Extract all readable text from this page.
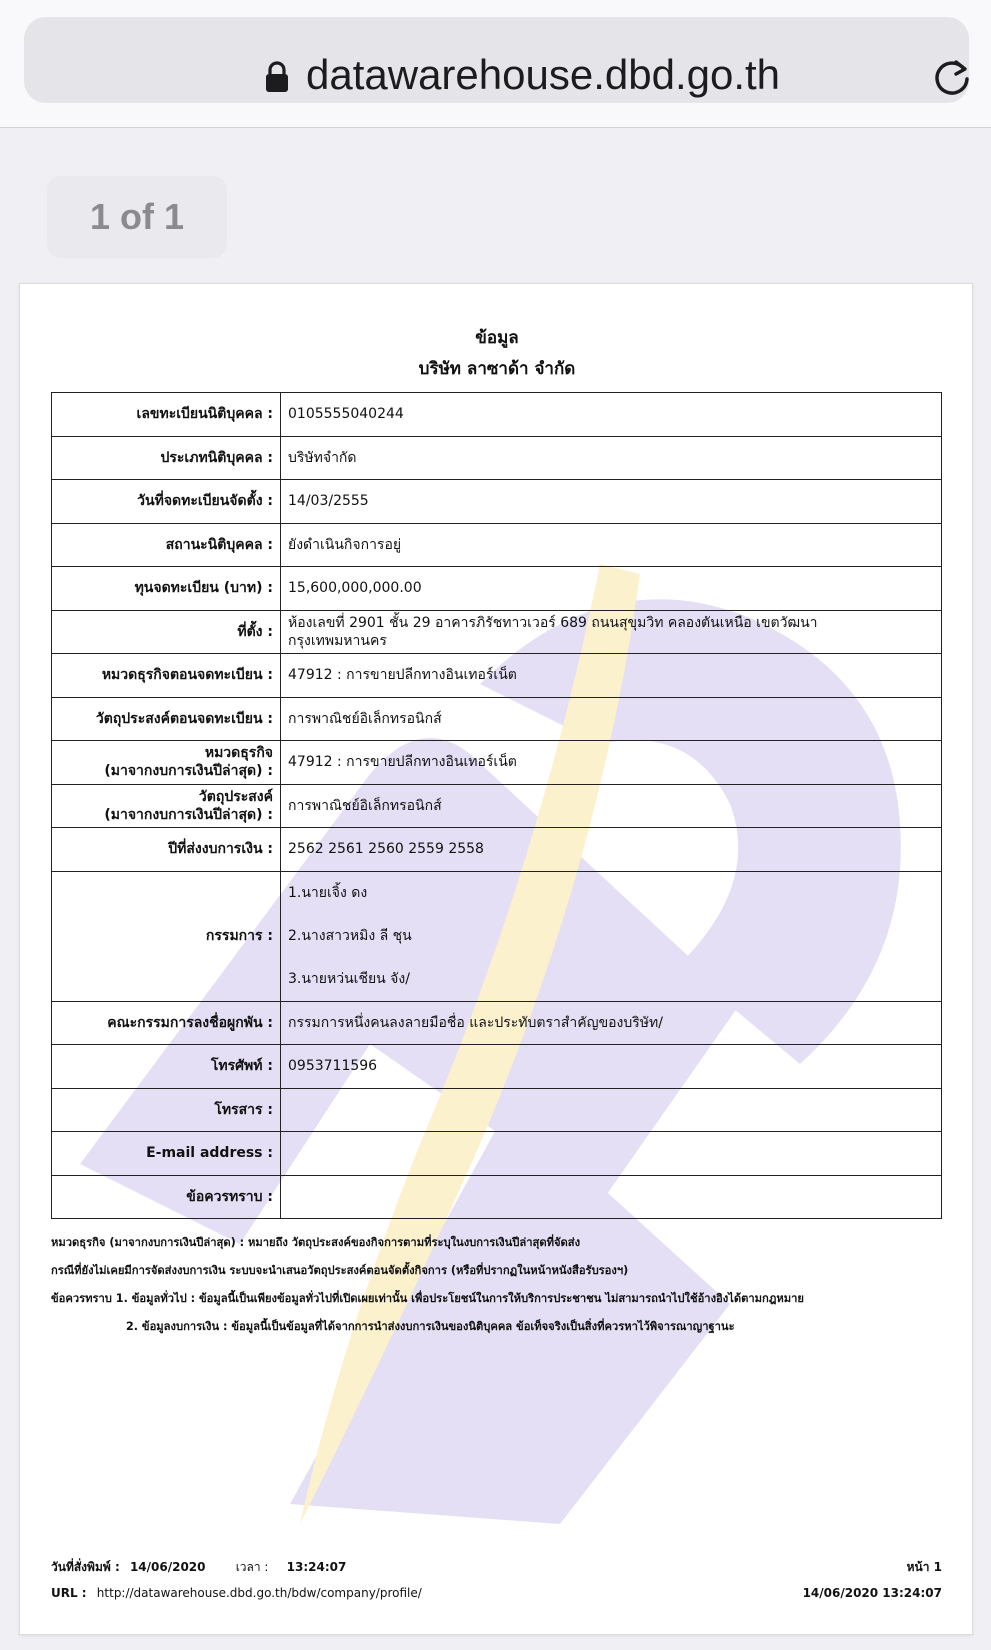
datawarehouse.dbd.go.th
1 of 1
ข้อมูล
บริษัท ลาซาด้า จำกัด
เลขทะเบียนนิติบุคคล :	0105555040244
ประเภทนิติบุคคล :	บริษัทจำกัด
วันที่จดทะเบียนจัดตั้ง :	14/03/2555
สถานะนิติบุคคล :	ยังดำเนินกิจการอยู่
ทุนจดทะเบียน (บาท) :	15,600,000,000.00
ที่ตั้ง :	ห้องเลขที่ 2901 ชั้น 29 อาคารภิรัชทาวเวอร์ 689 ถนนสุขุมวิท คลองตันเหนือ เขตวัฒนา
กรุงเทพมหานคร

หมวดธุรกิจตอนจดทะเบียน :	47912 : การขายปลีกทางอินเทอร์เน็ต
วัตถุประสงค์ตอนจดทะเบียน :	การพาณิชย์อิเล็กทรอนิกส์

หมวดธุรกิจ
(มาจากงบการเงินปีล่าสุด) :	47912 : การขายปลีกทางอินเทอร์เน็ต

วัตถุประสงค์
(มาจากงบการเงินปีล่าสุด) :	การพาณิชย์อิเล็กทรอนิกส์
ปีที่ส่งงบการเงิน :	2562 2561 2560 2559 2558
กรรมการ :	1.นายเจิ้ง ดง
2.นางสาวหมิง ลี ชุน
3.นายหว่นเชียน จัง/

คณะกรรมการลงชื่อผูกพัน :	กรรมการหนึ่งคนลงลายมือชื่อ และประทับตราสำคัญของบริษัท/
โทรศัพท์ :	0953711596
โทรสาร :	
E-mail address :	
ข้อควรทราบ :	
หมวดธุรกิจ (มาจากงบการเงินปีล่าสุด) : หมายถึง วัตถุประสงค์ของกิจการตามที่ระบุในงบการเงินปีล่าสุดที่จัดส่ง
กรณีที่ยังไม่เคยมีการจัดส่งงบการเงิน ระบบจะนำเสนอวัตถุประสงค์ตอนจัดตั้งกิจการ (หรือที่ปรากฏในหน้าหนังสือรับรองฯ)
ข้อควรทราบ 1. ข้อมูลทั่วไป : ข้อมูลนี้เป็นเพียงข้อมูลทั่วไปที่เปิดเผยเท่านั้น เพื่อประโยชน์ในการให้บริการประชาชน ไม่สามารถนำไปใช้อ้างอิงได้ตามกฎหมาย
2. ข้อมูลงบการเงิน : ข้อมูลนี้เป็นข้อมูลที่ได้จากการนำส่งงบการเงินของนิติบุคคล ข้อเท็จจริงเป็นสิ่งที่ควรหาไว้พิจารณาญาฐานะ
วันที่สั่งพิมพ์ : 14/06/2020	เวลา : 13:24:07	หน้า 1
URL : http://datawarehouse.dbd.go.th/bdw/company/profile/	14/06/2020 13:24:07
